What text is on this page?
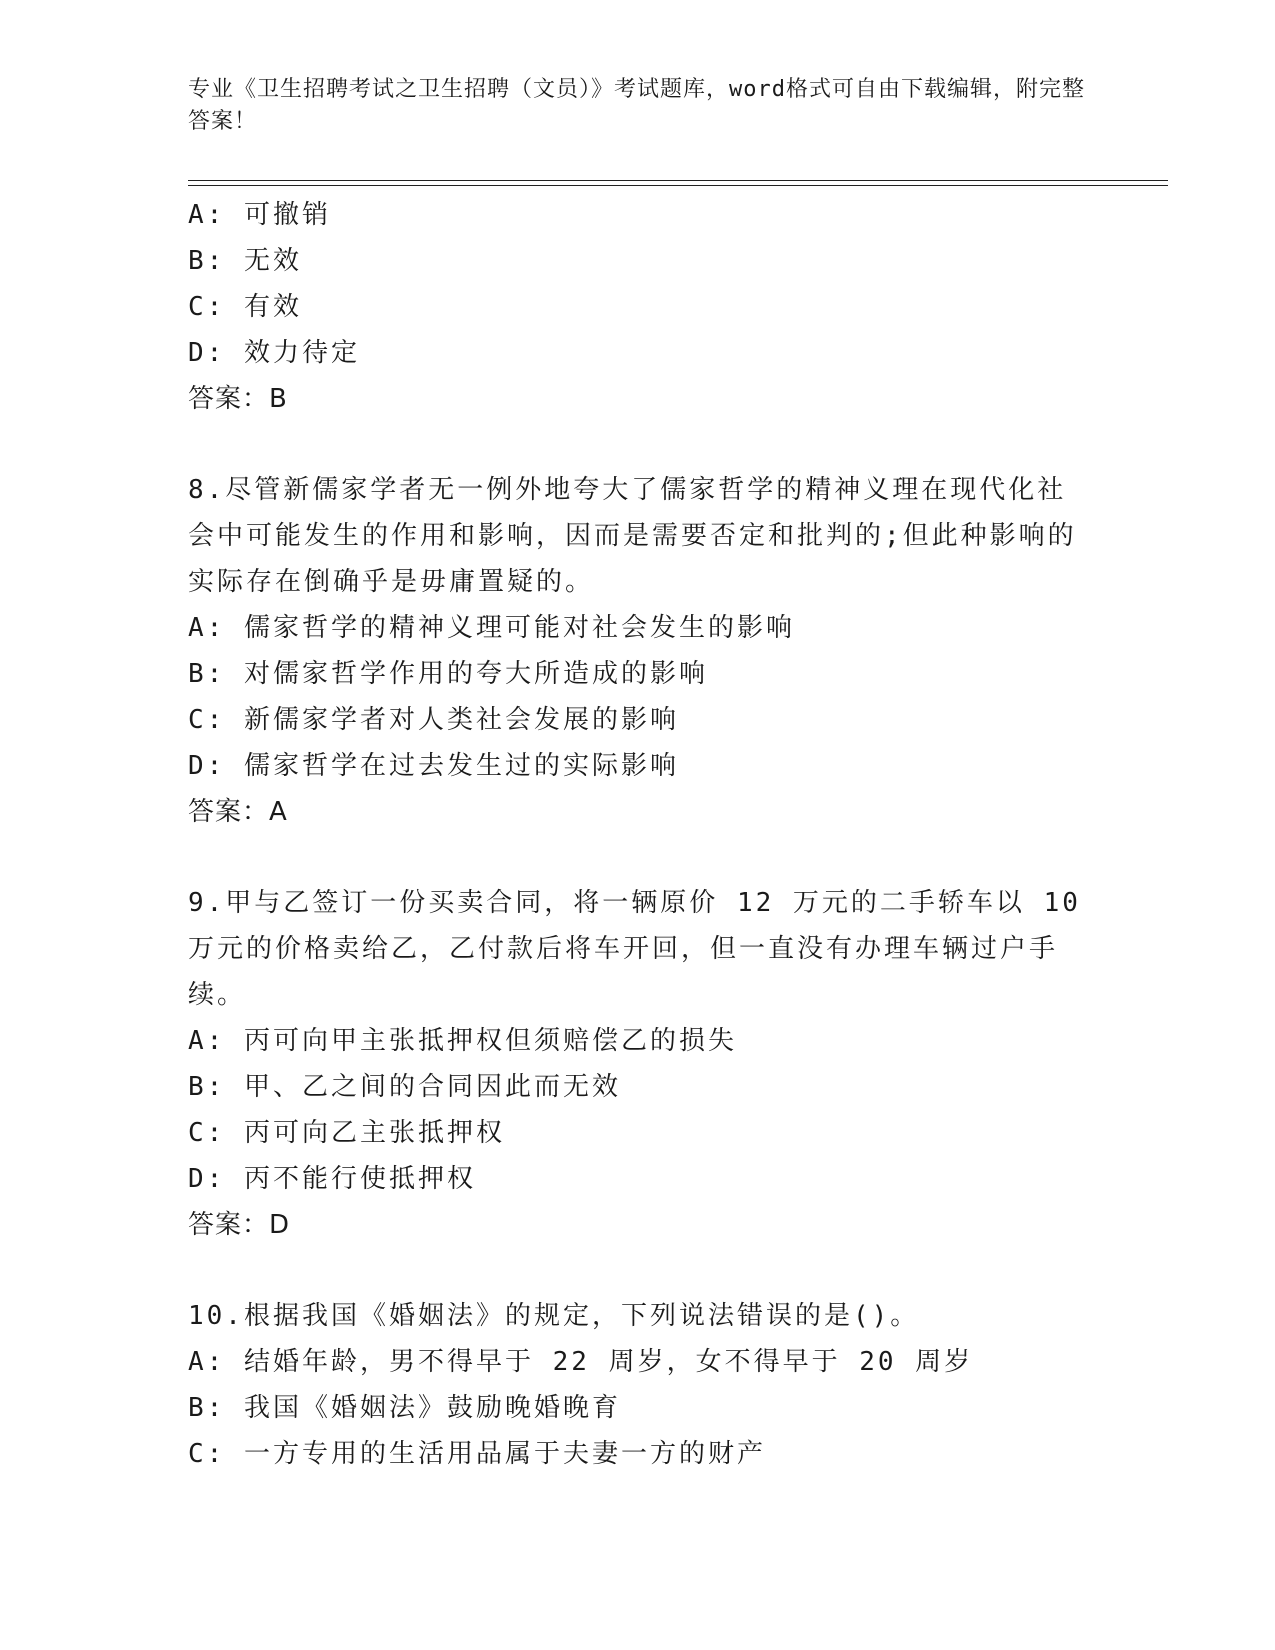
专业《卫生招聘考试之卫生招聘（文员）》考试题库，word格式可自由下载编辑，附完整答案！
A: 可撤销
B: 无效
C: 有效
D: 效力待定
答案：B
8.尽管新儒家学者无一例外地夸大了儒家哲学的精神义理在现代化社会中可能发生的作用和影响，因而是需要否定和批判的;但此种影响的实际存在倒确乎是毋庸置疑的。
A: 儒家哲学的精神义理可能对社会发生的影响
B: 对儒家哲学作用的夸大所造成的影响
C: 新儒家学者对人类社会发展的影响
D: 儒家哲学在过去发生过的实际影响
答案：A
9.甲与乙签订一份买卖合同，将一辆原价 12 万元的二手轿车以 10 万元的价格卖给乙，乙付款后将车开回，但一直没有办理车辆过户手续。
A: 丙可向甲主张抵押权但须赔偿乙的损失
B: 甲、乙之间的合同因此而无效
C: 丙可向乙主张抵押权
D: 丙不能行使抵押权
答案：D
10.根据我国《婚姻法》的规定，下列说法错误的是()。
A: 结婚年龄，男不得早于 22 周岁，女不得早于 20 周岁
B: 我国《婚姻法》鼓励晚婚晚育
C: 一方专用的生活用品属于夫妻一方的财产
